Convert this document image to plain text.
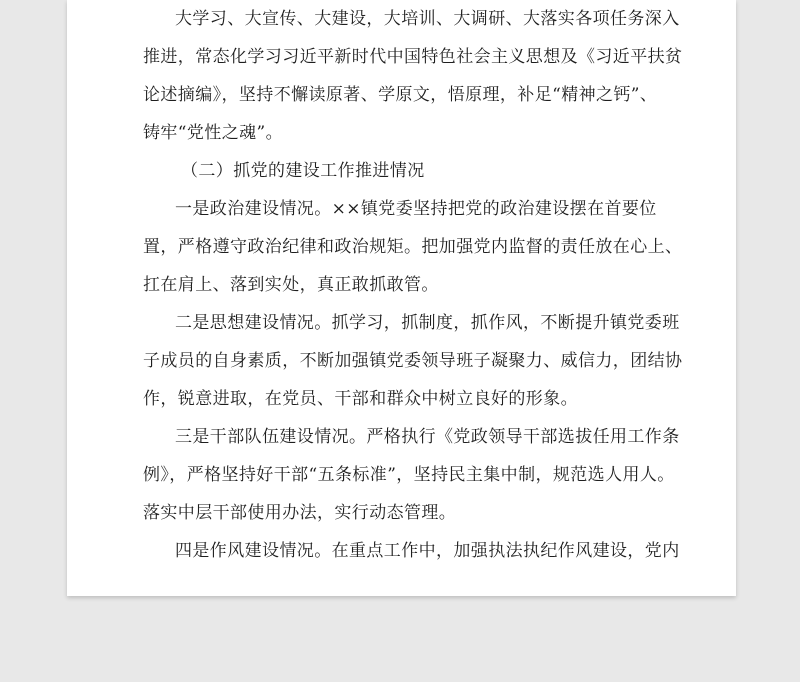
大学习、大宣传、大建设，大培训、大调研、大落实各项任务深入
推进，常态化学习习近平新时代中国特色社会主义思想及《习近平扶贫
论述摘编》，坚持不懈读原著、学原文，悟原理，补足“精神之钙”、
铸牢“党性之魂”。
（二）抓党的建设工作推进情况
一是政治建设情况。××镇党委坚持把党的政治建设摆在首要位
置，严格遵守政治纪律和政治规矩。把加强党内监督的责任放在心上、
扛在肩上、落到实处，真正敢抓敢管。
二是思想建设情况。抓学习，抓制度，抓作风，不断提升镇党委班
子成员的自身素质，不断加强镇党委领导班子凝聚力、威信力，团结协
作，锐意进取，在党员、干部和群众中树立良好的形象。
三是干部队伍建设情况。严格执行《党政领导干部选拔任用工作条
例》，严格坚持好干部“五条标准”，坚持民主集中制，规范选人用人。
落实中层干部使用办法，实行动态管理。
四是作风建设情况。在重点工作中，加强执法执纪作风建设，党内
